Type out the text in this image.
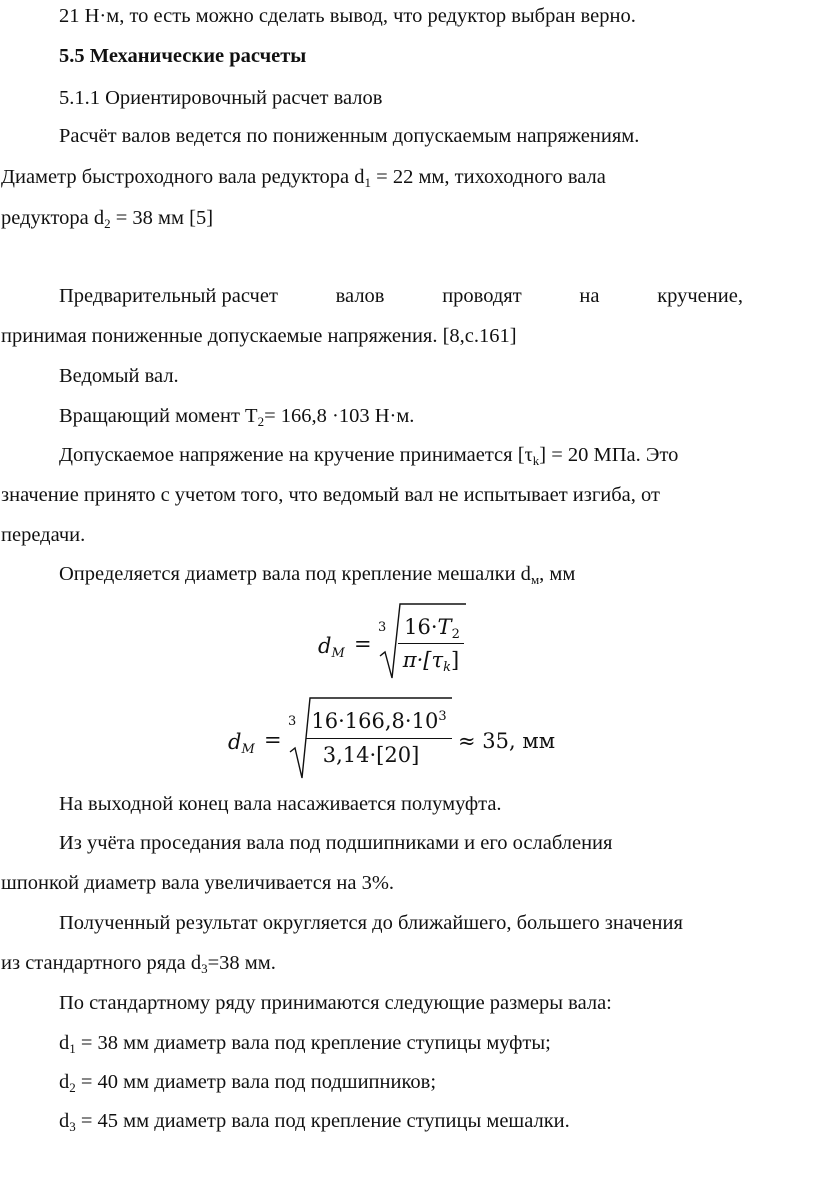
21 Н·м, то есть можно сделать вывод, что редуктор выбран верно.
5.5 Механические расчеты
5.1.1 Ориентировочный расчет валов
Расчёт валов ведется по пониженным допускаемым напряжениям.
Диаметр быстроходного вала редуктора $d_1 = 22$ мм, тихоходного вала
редуктора $d_2 = 38$ мм [5]
Предварительный расчет	валов	проводят	на	кручение,
принимая пониженные допускаемые напряжения. [8,с.161]
Ведомый вал.
Вращающий момент $T_2= 166,8 \cdot 103$ Н·м.
Допускаемое напряжение на кручение принимается $[\tau_k] = 20$ МПа. Это
значение принято с учетом того, что ведомый вал не испытывает изгиба, от
передачи.
Определяется диаметр вала под крепление мешалки $d_м$, мм
$d_M$ =
3 $16\cdot T_2$
$\pi\cdot[\tau_k]$
$d_M$ =
3 $16\cdot 166,8\cdot 10^3$
3,14·[20]
≈ 35, мм
На выходной конец вала насаживается полумуфта.
Из учёта проседания вала под подшипниками и его ослабления
шпонкой диаметр вала увеличивается на 3%.
Полученный результат округляется до ближайшего, большего значения
из стандартного ряда $d_3=38$ мм.
По стандартному ряду принимаются следующие размеры вала:
$d_1 = 38$ мм диаметр вала под крепление ступицы муфты;
$d_2 = 40$ мм диаметр вала под подшипников;
$d_3 = 45$ мм диаметр вала под крепление ступицы мешалки.
